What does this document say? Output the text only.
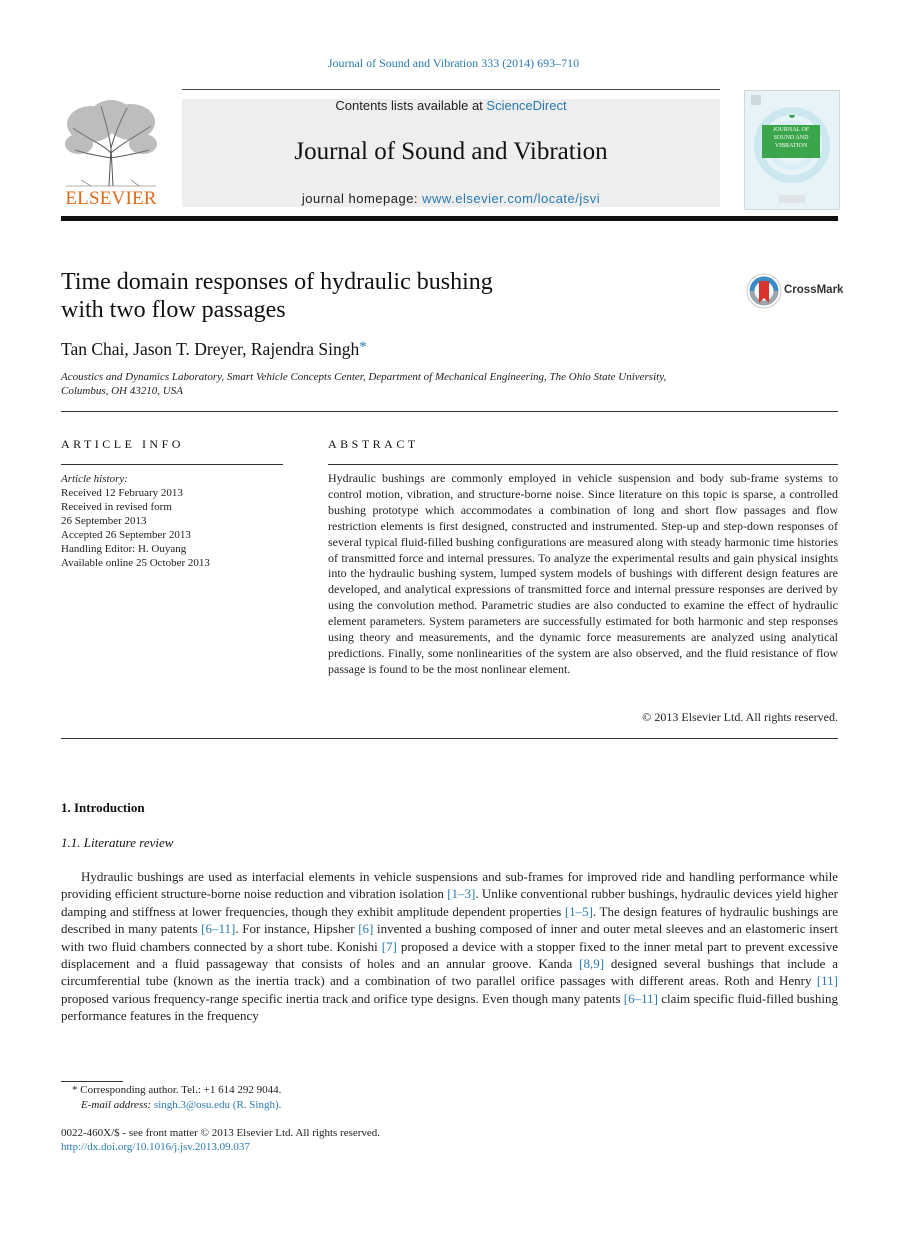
Journal of Sound and Vibration 333 (2014) 693–710
ELSEVIER
Contents lists available at ScienceDirect
Journal of Sound and Vibration
journal homepage: www.elsevier.com/locate/jsvi
JOURNAL OF SOUND AND VIBRATION
Time domain responses of hydraulic bushing
with two flow passages
CrossMark
Tan Chai, Jason T. Dreyer, Rajendra Singh*
Acoustics and Dynamics Laboratory, Smart Vehicle Concepts Center, Department of Mechanical Engineering, The Ohio State University,
Columbus, OH 43210, USA
ARTICLE INFO
Article history:
Received 12 February 2013
Received in revised form
26 September 2013
Accepted 26 September 2013
Handling Editor: H. Ouyang
Available online 25 October 2013
ABSTRACT
Hydraulic bushings are commonly employed in vehicle suspension and body sub-frame systems to control motion, vibration, and structure-borne noise. Since literature on this topic is sparse, a controlled bushing prototype which accommodates a combination of long and short flow passages and flow restriction elements is first designed, constructed and instrumented. Step-up and step-down responses of several typical fluid-filled bushing configurations are measured along with steady harmonic time histories of transmitted force and internal pressures. To analyze the experimental results and gain physical insights into the hydraulic bushing system, lumped system models of bushings with different design features are developed, and analytical expressions of transmitted force and internal pressure responses are derived by using the convolution method. Parametric studies are also conducted to examine the effect of hydraulic element parameters. System parameters are successfully estimated for both harmonic and step responses using theory and measurements, and the dynamic force measurements are analyzed using analytical predictions. Finally, some nonlinearities of the system are also observed, and the fluid resistance of flow passage is found to be the most nonlinear element.
© 2013 Elsevier Ltd. All rights reserved.
1. Introduction
1.1. Literature review
Hydraulic bushings are used as interfacial elements in vehicle suspensions and sub-frames for improved ride and handling performance while providing efficient structure-borne noise reduction and vibration isolation [1–3]. Unlike conventional rubber bushings, hydraulic devices yield higher damping and stiffness at lower frequencies, though they exhibit amplitude dependent properties [1–5]. The design features of hydraulic bushings are described in many patents [6–11]. For instance, Hipsher [6] invented a bushing composed of inner and outer metal sleeves and an elastomeric insert with two fluid chambers connected by a short tube. Konishi [7] proposed a device with a stopper fixed to the inner metal part to prevent excessive displacement and a fluid passageway that consists of holes and an annular groove. Kanda [8,9] designed several bushings that include a circumferential tube (known as the inertia track) and a combination of two parallel orifice passages with different areas. Roth and Henry [11] proposed various frequency-range specific inertia track and orifice type designs. Even though many patents [6–11] claim specific fluid-filled bushing performance features in the frequency
* Corresponding author. Tel.: +1 614 292 9044.
E-mail address: singh.3@osu.edu (R. Singh).
0022-460X/$ - see front matter © 2013 Elsevier Ltd. All rights reserved.
http://dx.doi.org/10.1016/j.jsv.2013.09.037
